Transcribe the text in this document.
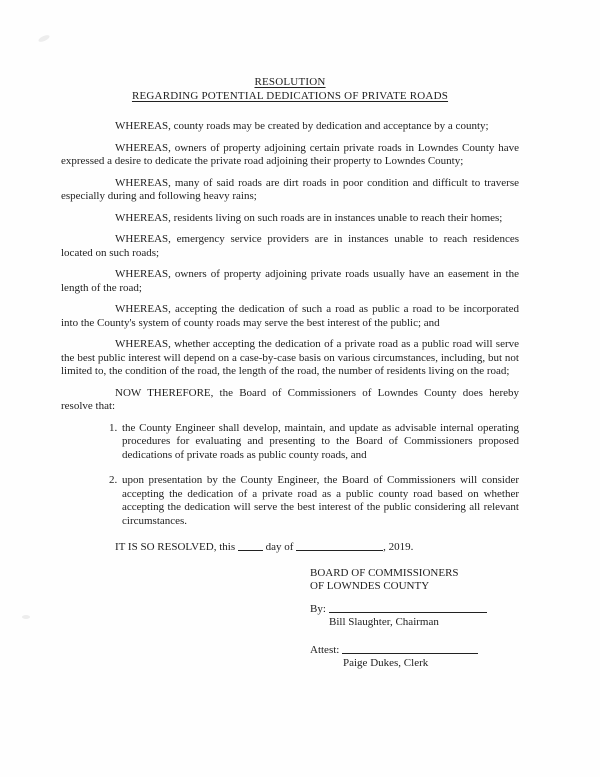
RESOLUTION
REGARDING POTENTIAL DEDICATIONS OF PRIVATE ROADS

WHEREAS, county roads may be created by dedication and acceptance by a county;

WHEREAS, owners of property adjoining certain private roads in Lowndes County have expressed a desire to dedicate the private road adjoining their property to Lowndes County;

WHEREAS, many of said roads are dirt roads in poor condition and difficult to traverse especially during and following heavy rains;

WHEREAS, residents living on such roads are in instances unable to reach their homes;

WHEREAS, emergency service providers are in instances unable to reach residences located on such roads;

WHEREAS, owners of property adjoining private roads usually have an easement in the length of the road;

WHEREAS, accepting the dedication of such a road as public a road to be incorporated into the County's system of county roads may serve the best interest of the public; and

WHEREAS, whether accepting the dedication of a private road as a public road will serve the best public interest will depend on a case-by-case basis on various circumstances, including, but not limited to, the condition of the road, the length of the road, the number of residents living on the road;

NOW THEREFORE, the Board of Commissioners of Lowndes County does hereby resolve that:

1. the County Engineer shall develop, maintain, and update as advisable internal operating procedures for evaluating and presenting to the Board of Commissioners proposed dedications of private roads as public county roads, and
2. upon presentation by the County Engineer, the Board of Commissioners will consider accepting the dedication of a private road as a public county road based on whether accepting the dedication will serve the best interest of the public considering all relevant circumstances.

IT IS SO RESOLVED, this	day of	, 2019.

BOARD OF COMMISSIONERS
OF LOWNDES COUNTY
By:
Bill Slaughter, Chairman
Attest:
Paige Dukes, Clerk
